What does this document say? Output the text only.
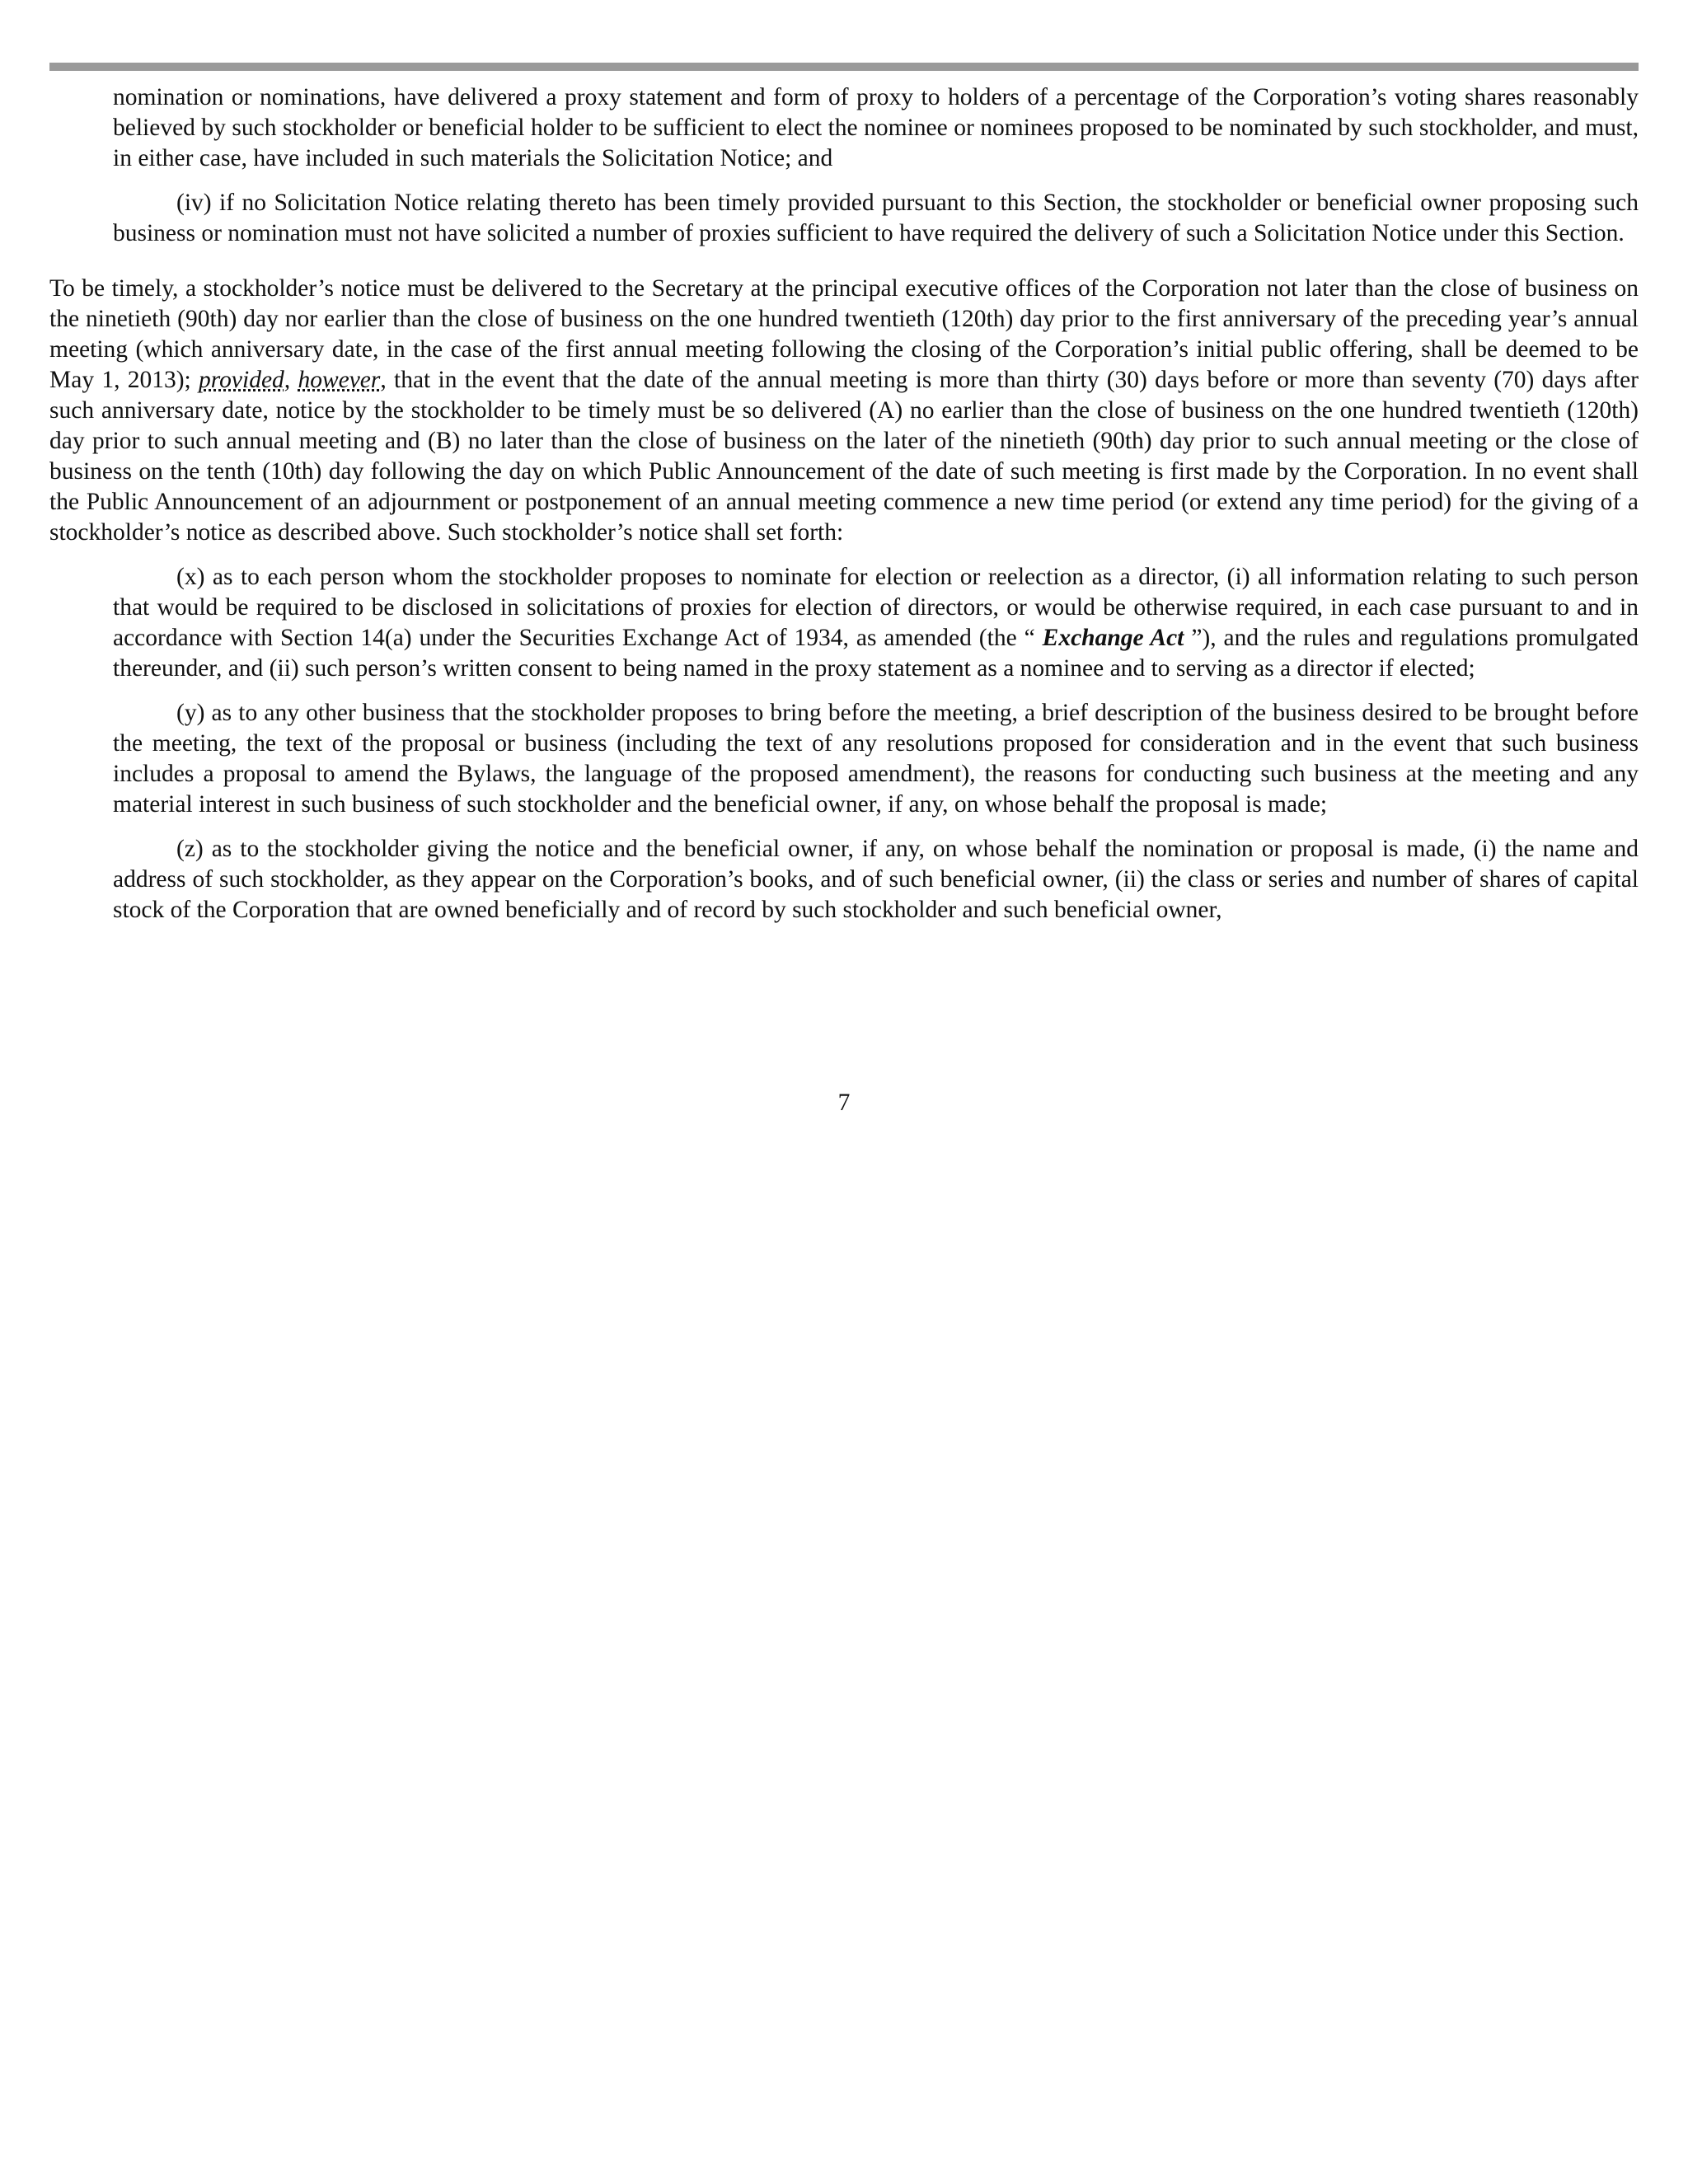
nomination or nominations, have delivered a proxy statement and form of proxy to holders of a percentage of the Corporation’s voting shares reasonably believed by such stockholder or beneficial holder to be sufficient to elect the nominee or nominees proposed to be nominated by such stockholder, and must, in either case, have included in such materials the Solicitation Notice; and

(iv) if no Solicitation Notice relating thereto has been timely provided pursuant to this Section, the stockholder or beneficial owner proposing such business or nomination must not have solicited a number of proxies sufficient to have required the delivery of such a Solicitation Notice under this Section.

To be timely, a stockholder’s notice must be delivered to the Secretary at the principal executive offices of the Corporation not later than the close of business on the ninetieth (90th) day nor earlier than the close of business on the one hundred twentieth (120th) day prior to the first anniversary of the preceding year’s annual meeting (which anniversary date, in the case of the first annual meeting following the closing of the Corporation’s initial public offering, shall be deemed to be May 1, 2013); provided, however, that in the event that the date of the annual meeting is more than thirty (30) days before or more than seventy (70) days after such anniversary date, notice by the stockholder to be timely must be so delivered (A) no earlier than the close of business on the one hundred twentieth (120th) day prior to such annual meeting and (B) no later than the close of business on the later of the ninetieth (90th) day prior to such annual meeting or the close of business on the tenth (10th) day following the day on which Public Announcement of the date of such meeting is first made by the Corporation. In no event shall the Public Announcement of an adjournment or postponement of an annual meeting commence a new time period (or extend any time period) for the giving of a stockholder’s notice as described above. Such stockholder’s notice shall set forth:

(x) as to each person whom the stockholder proposes to nominate for election or reelection as a director, (i) all information relating to such person that would be required to be disclosed in solicitations of proxies for election of directors, or would be otherwise required, in each case pursuant to and in accordance with Section 14(a) under the Securities Exchange Act of 1934, as amended (the “ Exchange Act ”), and the rules and regulations promulgated thereunder, and (ii) such person’s written consent to being named in the proxy statement as a nominee and to serving as a director if elected;

(y) as to any other business that the stockholder proposes to bring before the meeting, a brief description of the business desired to be brought before the meeting, the text of the proposal or business (including the text of any resolutions proposed for consideration and in the event that such business includes a proposal to amend the Bylaws, the language of the proposed amendment), the reasons for conducting such business at the meeting and any material interest in such business of such stockholder and the beneficial owner, if any, on whose behalf the proposal is made;

(z) as to the stockholder giving the notice and the beneficial owner, if any, on whose behalf the nomination or proposal is made, (i) the name and address of such stockholder, as they appear on the Corporation’s books, and of such beneficial owner, (ii) the class or series and number of shares of capital stock of the Corporation that are owned beneficially and of record by such stockholder and such beneficial owner,

7
